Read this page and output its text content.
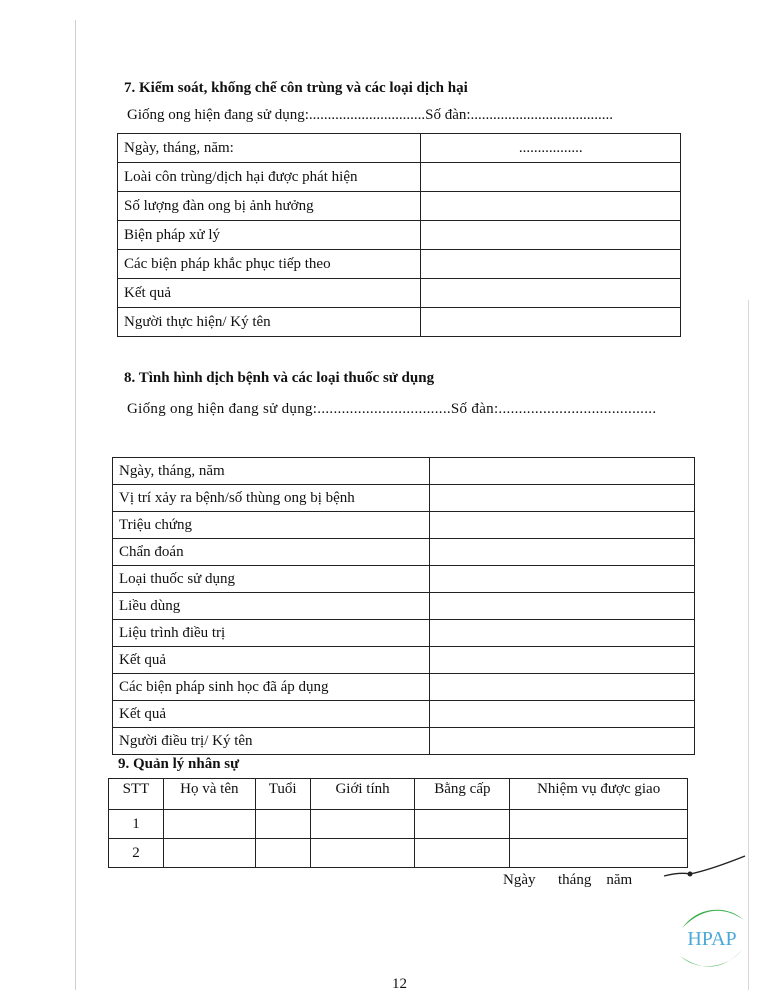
7. Kiểm soát, khống chế côn trùng và các loại dịch hại
Giống ong hiện đang sử dụng:...............................Số đàn:......................................
Ngày, tháng, năm:	.................
Loài côn trùng/dịch hại được phát hiện	
Số lượng đàn ong bị ảnh hưởng	
Biện pháp xử lý	
Các biện pháp khắc phục tiếp theo	
Kết quả	
Người thực hiện/ Ký tên	
8. Tình hình dịch bệnh và các loại thuốc sử dụng
Giống ong hiện đang sử dụng:.................................Số đàn:.......................................
Ngày, tháng, năm	
Vị trí xảy ra bệnh/số thùng ong bị bệnh	
Triệu chứng	
Chẩn đoán	
Loại thuốc sử dụng	
Liều dùng	
Liệu trình điều trị	
Kết quả	
Các biện pháp sinh học đã áp dụng	
Kết quả	
Người điều trị/ Ký tên	
9. Quản lý nhân sự
STT	Họ và tên	Tuổi	Giới tính	Bằng cấp	Nhiệm vụ được giao
1					
2					
Ngày      tháng    năm
HPAP
12
